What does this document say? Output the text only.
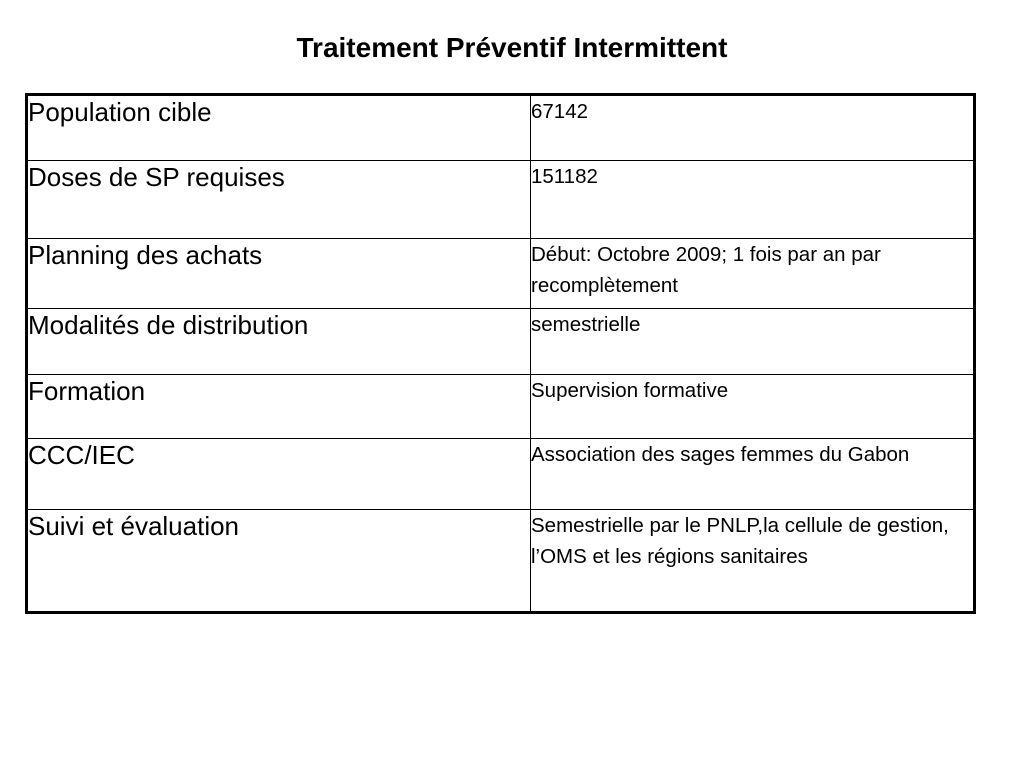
Traitement Préventif Intermittent
Population cible	67142
Doses de SP requises	151182
Planning des achats	Début: Octobre 2009; 1 fois par an par recomplètement
Modalités de distribution	semestrielle
Formation	Supervision formative
CCC/IEC	Association des sages femmes du Gabon
Suivi et évaluation	Semestrielle par le PNLP,la cellule de gestion, l’OMS et les régions sanitaires
